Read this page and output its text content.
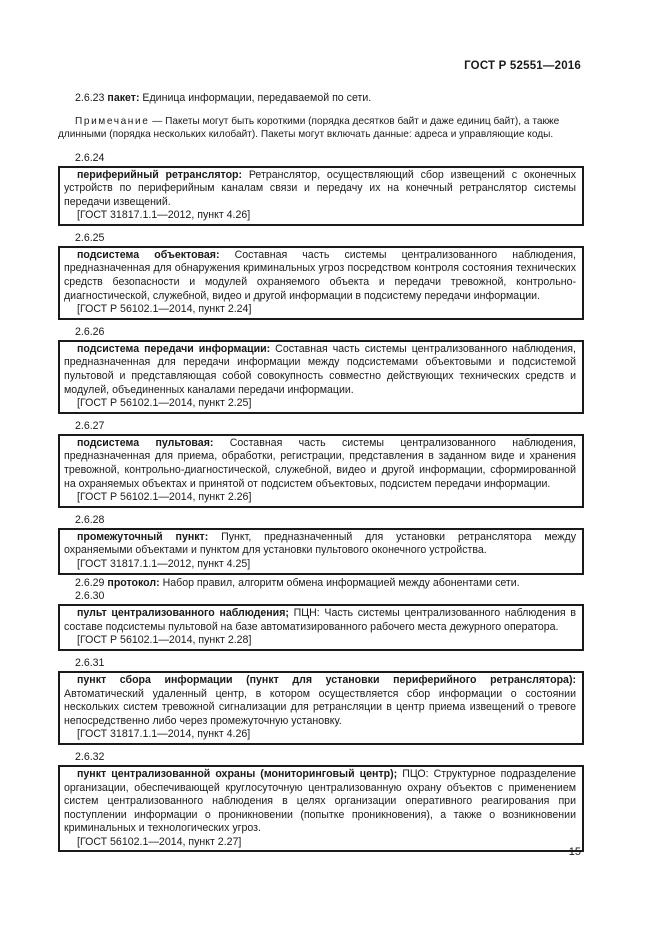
ГОСТ Р 52551—2016

2.6.23 пакет: Единица информации, передаваемой по сети.

Примечание — Пакеты могут быть короткими (порядка десятков байт и даже единиц байт), а также длинными (порядка нескольких килобайт). Пакеты могут включать данные: адреса и управляющие коды.

2.6.24

периферийный ретранслятор: Ретранслятор, осуществляющий сбор извещений с оконечных устройств по периферийным каналам связи и передачу их на конечный ретранслятор системы передачи извещений.

[ГОСТ 31817.1.1—2012, пункт 4.26]

2.6.25

подсистема объектовая: Составная часть системы централизованного наблюдения, предназначенная для обнаружения криминальных угроз посредством контроля состояния технических средств безопасности и модулей охраняемого объекта и передачи тревожной, контрольно-диагностической, служебной, видео и другой информации в подсистему передачи информации.

[ГОСТ Р 56102.1—2014, пункт 2.24]

2.6.26

подсистема передачи информации: Составная часть системы централизованного наблюдения, предназначенная для передачи информации между подсистемами объектовыми и подсистемой пультовой и представляющая собой совокупность совместно действующих технических средств и модулей, объединенных каналами передачи информации.

[ГОСТ Р 56102.1—2014, пункт 2.25]

2.6.27

подсистема пультовая: Составная часть системы централизованного наблюдения, предназначенная для приема, обработки, регистрации, представления в заданном виде и хранения тревожной, контрольно-диагностической, служебной, видео и другой информации, сформированной на охраняемых объектах и принятой от подсистем объектовых, подсистем передачи информации.

[ГОСТ Р 56102.1—2014, пункт 2.26]

2.6.28

промежуточный пункт: Пункт, предназначенный для установки ретранслятора между охраняемыми объектами и пунктом для установки пультового оконечного устройства.

[ГОСТ 31817.1.1—2012, пункт 4.25]

2.6.29 протокол: Набор правил, алгоритм обмена информацией между абонентами сети.

2.6.30

пульт централизованного наблюдения; ПЦН: Часть системы централизованного наблюдения в составе подсистемы пультовой на базе автоматизированного рабочего места дежурного оператора.

[ГОСТ Р 56102.1—2014, пункт 2.28]

2.6.31

пункт сбора информации (пункт для установки периферийного ретранслятора): Автоматический удаленный центр, в котором осуществляется сбор информации о состоянии нескольких систем тревожной сигнализации для ретрансляции в центр приема извещений о тревоге непосредственно либо через промежуточную установку.

[ГОСТ 31817.1.1—2014, пункт 4.26]

2.6.32

пункт централизованной охраны (мониторинговый центр); ПЦО: Структурное подразделение организации, обеспечивающей круглосуточную централизованную охрану объектов с применением систем централизованного наблюдения в целях организации оперативного реагирования при поступлении информации о проникновении (попытке проникновения), а также о возникновении криминальных и технологических угроз.

[ГОСТ 56102.1—2014, пункт 2.27]

15
